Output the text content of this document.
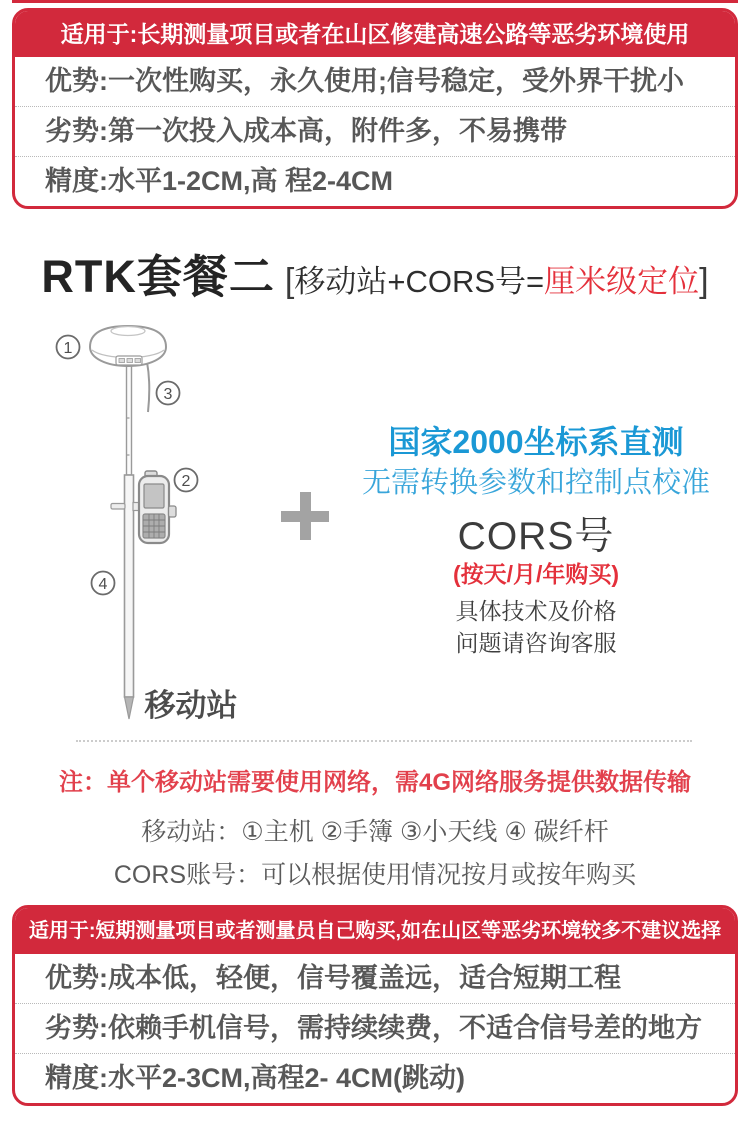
适用于:长期测量项目或者在山区修建高速公路等恶劣环境使用
优势:一次性购买，永久使用;信号稳定，受外界干扰小
劣势:第一次投入成本高，附件多，不易携带
精度:水平1-2CM,高 程2-4CM
RTK套餐二 [移动站+CORS号=厘米级定位]
1
3
2
4
移动站
国家2000坐标系直测
无需转换参数和控制点校准
CORS号
(按天/月/年购买)
具体技术及价格
问题请咨询客服
注：单个移动站需要使用网络，需4G网络服务提供数据传输
移动站：①主机 ②手簿 ③小天线 ④ 碳纤杆
CORS账号：可以根据使用情况按月或按年购买
适用于:短期测量项目或者测量员自己购买,如在山区等恶劣环境较多不建议选择
优势:成本低，轻便，信号覆盖远，适合短期工程
劣势:依赖手机信号，需持续续费，不适合信号差的地方
精度:水平2-3CM,高程2- 4CM(跳动)
